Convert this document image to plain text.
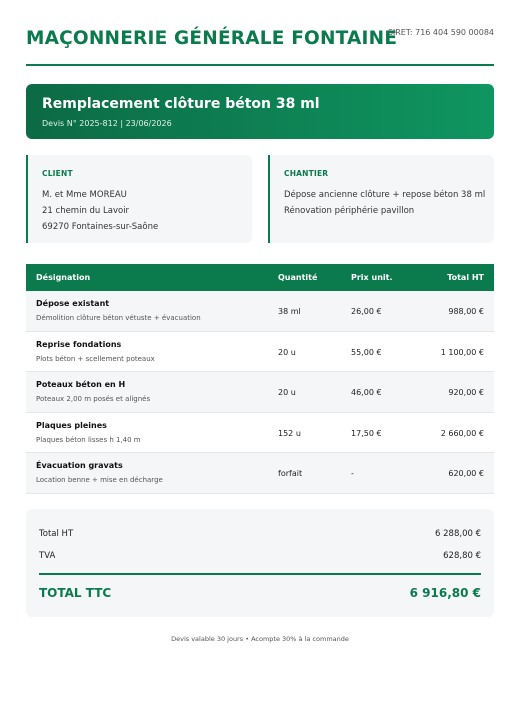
MAÇONNERIE GÉNÉRALE FONTAINE
SIRET: 716 404 590 00084
Remplacement clôture béton 38 ml
Devis N° 2025-812 | 23/06/2026
CLIENT
M. et Mme MOREAU
21 chemin du Lavoir
69270 Fontaines-sur-Saône
CHANTIER
Dépose ancienne clôture + repose béton 38 ml
Rénovation périphérie pavillon
Désignation	Quantité	Prix unit.	Total HT
Dépose existant
Démolition clôture béton vétuste + évacuation
38 ml	26,00 €	988,00 €
Reprise fondations
Plots béton + scellement poteaux
20 u	55,00 €	1 100,00 €
Poteaux béton en H
Poteaux 2,00 m posés et alignés
20 u	46,00 €	920,00 €
Plaques pleines
Plaques béton lisses h 1,40 m
152 u	17,50 €	2 660,00 €
Évacuation gravats
Location benne + mise en décharge
forfait	-	620,00 €
Total HT	6 288,00 €
TVA	628,80 €
TOTAL TTC	6 916,80 €
Devis valable 30 jours • Acompte 30% à la commande
